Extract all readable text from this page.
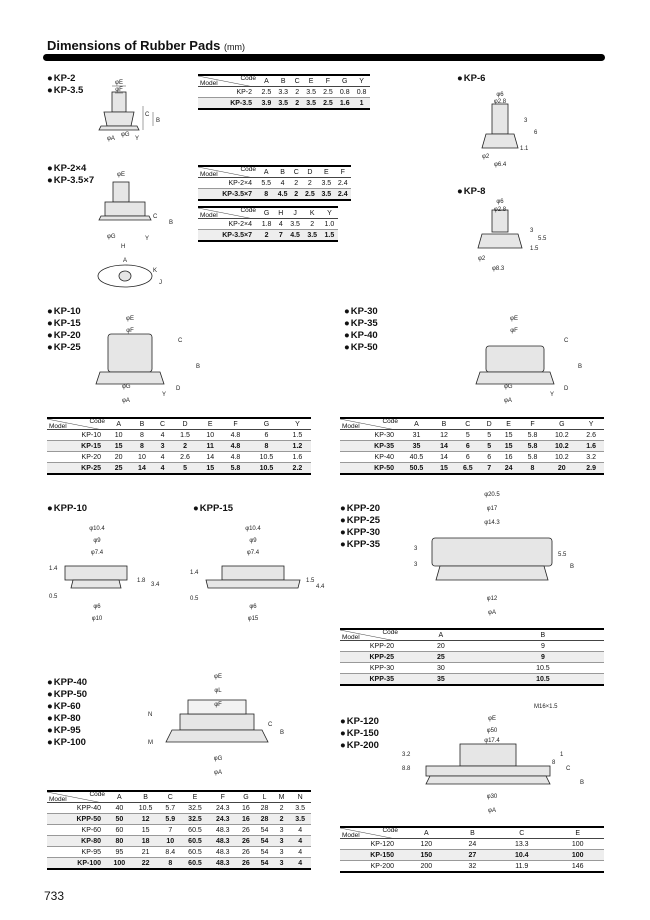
Dimensions of Rubber Pads (mm)
● KP-2
● KP-3.5
● KP-6
● KP-2×4
● KP-3.5×7
● KP-8
● KP-10
● KP-15
● KP-20
● KP-25
● KP-30
● KP-35
● KP-40
● KP-50
● KPP-10	● KPP-15	● KPP-20
● KPP-25
● KPP-30
● KPP-35
● KPP-40
● KPP-50
● KP-60
● KP-80
● KP-95
● KP-100
● KP-120
● KP-150
● KP-200
Code
Model	A	B	C	E	F	G	Y
KP-2	2.5	3.3	2	3.5	2.5	0.8	0.8
KP-3.5	3.9	3.5	2	3.5	2.5	1.6	1
Code
Model	A	B	C	D	E	F
KP-2×4	5.5	4	2	2	3.5	2.4
KP-3.5×7	8	4.5	2	2.5	3.5	2.4
Code
Model	G	H	J	K	Y
KP-2×4	1.8	4	3.5	2	1.0
KP-3.5×7	2	7	4.5	3.5	1.5
Code
Model	A	B	C	D	E	F	G	Y
KP-10	10	8	4	1.5	10	4.8	6	1.5
KP-15	15	8	3	2	11	4.8	8	1.2
KP-20	20	10	4	2.6	14	4.8	10.5	1.6
KP-25	25	14	4	5	15	5.8	10.5	2.2
Code
Model	A	B	C	D	E	F	G	Y
KP-30	31	12	5	5	15	5.8	10.2	2.6
KP-35	35	14	6	5	15	5.8	10.2	1.6
KP-40	40.5	14	6	6	16	5.8	10.2	3.2
KP-50	50.5	15	6.5	7	24	8	20	2.9
Code
Model	A	B
KPP-20	20	9
KPP-25	25	9
KPP-30	30	10.5
KPP-35	35	10.5
Code
Model	A	B	C	E	F	G	L	M	N
KPP-40	40	10.5	5.7	32.5	24.3	16	28	2	3.5
KPP-50	50	12	5.9	32.5	24.3	16	28	2	3.5
KP-60	60	15	7	60.5	48.3	26	54	3	4
KP-80	80	18	10	60.5	48.3	26	54	3	4
KP-95	95	21	8.4	60.5	48.3	26	54	3	4
KP-100	100	22	8	60.5	48.3	26	54	3	4
Code
Model	A	B	C	E
KP-120	120	24	13.3	100
KP-150	150	27	10.4	100
KP-200	200	32	11.9	146
φE
φF
φA
φG
B
C
Y
φ6
φ2.8
3
6
1.1
φ2
φ6.4
φE
φG
H
A
J
K
C
B
Y
φ6
φ2.8
3
5.5
1.5
φ2
φ8.3
φE
φF
φG
φA
C
B
D
Y
φE
φF
φG
φA
C
B
D
Y
φ10.4
φ9
φ7.4
φ6
φ10
1.4
0.5
1.8
3.4
φ10.4
φ9
φ7.4
φ6
φ15
1.4
0.5
1.5
4.4
φ20.5
φ17
φ14.3
φ12
φA
3
3
5.5
B
φE
φL
φF
φG
φA
N
M
C
B
M16×1.5
φE
φ50
φ17.4
φ30
φA
8.8
3.2
C
B
1
8
733
